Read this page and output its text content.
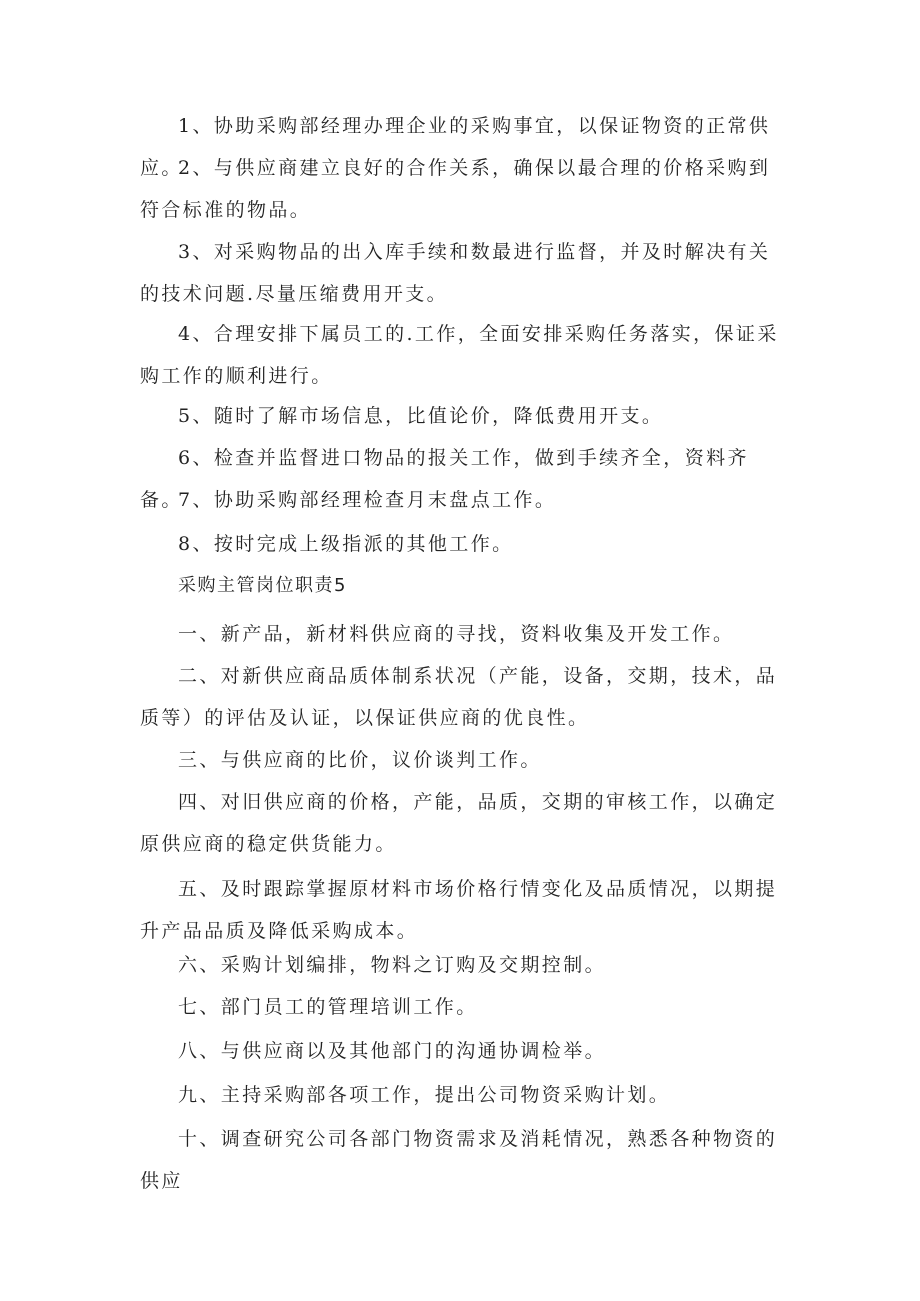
1、协助采购部经理办理企业的采购事宜，以保证物资的正常供应。

2、与供应商建立良好的合作关系，确保以最合理的价格采购到符合标准的物品。

3、对采购物品的出入库手续和数最进行监督，并及时解决有关的技术问题.尽量压缩费用开支。

4、合理安排下属员工的.工作，全面安排采购任务落实，保证采购工作的顺利进行。

5、随时了解市场信息，比值论价，降低费用开支。

6、检查并监督进口物品的报关工作，做到手续齐全，资料齐备。

7、协助采购部经理检查月末盘点工作。

8、按时完成上级指派的其他工作。

采购主管岗位职责5

一、新产品，新材料供应商的寻找，资料收集及开发工作。

二、对新供应商品质体制系状况（产能，设备，交期，技术，品质等）的评估及认证，以保证供应商的优良性。

三、与供应商的比价，议价谈判工作。

四、对旧供应商的价格，产能，品质，交期的审核工作，以确定原供应商的稳定供货能力。

五、及时跟踪掌握原材料市场价格行情变化及品质情况，以期提升产品品质及降低采购成本。

六、采购计划编排，物料之订购及交期控制。

七、部门员工的管理培训工作。

八、与供应商以及其他部门的沟通协调检举。

九、主持采购部各项工作，提出公司物资采购计划。

十、调查研究公司各部门物资需求及消耗情况，熟悉各种物资的供应
